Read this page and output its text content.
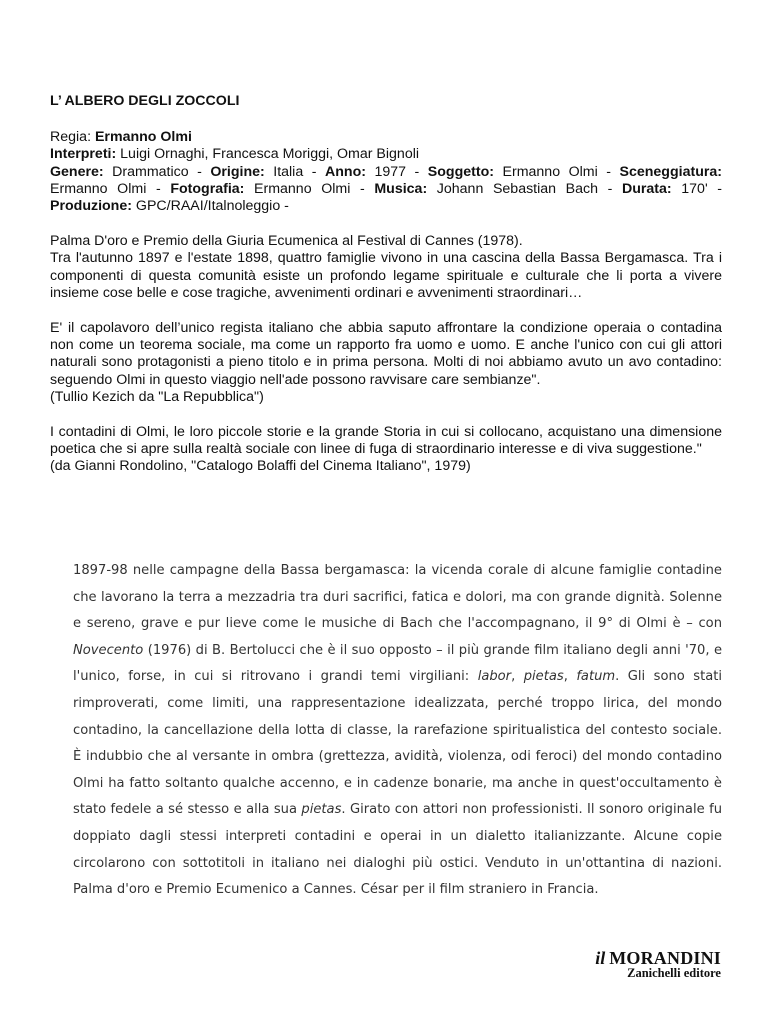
L’ ALBERO DEGLI ZOCCOLI
Regia: Ermanno Olmi
Interpreti: Luigi Ornaghi, Francesca Moriggi, Omar Bignoli
Genere: Drammatico - Origine: Italia - Anno: 1977 - Soggetto: Ermanno Olmi - Sceneggiatura: Ermanno Olmi - Fotografia: Ermanno Olmi - Musica: Johann Sebastian Bach - Durata: 170' - Produzione: GPC/RAAI/Italnoleggio -

Palma D'oro e Premio della Giuria Ecumenica al Festival di Cannes (1978).

Tra l'autunno 1897 e l'estate 1898, quattro famiglie vivono in una cascina della Bassa Bergamasca. Tra i componenti di questa comunità esiste un profondo legame spirituale e culturale che li porta a vivere insieme cose belle e cose tragiche, avvenimenti ordinari e avvenimenti straordinari…

E' il capolavoro dell’unico regista italiano che abbia saputo affrontare la condizione operaia o contadina non come un teorema sociale, ma come un rapporto fra uomo e uomo. E anche l'unico con cui gli attori naturali sono protagonisti a pieno titolo e in prima persona. Molti di noi abbiamo avuto un avo contadino: seguendo Olmi in questo viaggio nell'ade possono ravvisare care sembianze".

(Tullio Kezich da "La Repubblica")

I contadini di Olmi, le loro piccole storie e la grande Storia in cui si collocano, acquistano una dimensione poetica che si apre sulla realtà sociale con linee di fuga di straordinario interesse e di viva suggestione."

(da Gianni Rondolino, "Catalogo Bolaffi del Cinema Italiano", 1979)

1897-98 nelle campagne della Bassa bergamasca: la vicenda corale di alcune famiglie contadine che lavorano la terra a mezzadria tra duri sacrifici, fatica e dolori, ma con grande dignità. Solenne e sereno, grave e pur lieve come le musiche di Bach che l'accompagnano, il 9° di Olmi è – con Novecento (1976) di B. Bertolucci che è il suo opposto – il più grande film italiano degli anni '70, e l'unico, forse, in cui si ritrovano i grandi temi virgiliani: labor, pietas, fatum. Gli sono stati rimproverati, come limiti, una rappresentazione idealizzata, perché troppo lirica, del mondo contadino, la cancellazione della lotta di classe, la rarefazione spiritualistica del contesto sociale. È indubbio che al versante in ombra (grettezza, avidità, violenza, odi feroci) del mondo contadino Olmi ha fatto soltanto qualche accenno, e in cadenze bonarie, ma anche in quest'occultamento è stato fedele a sé stesso e alla sua pietas. Girato con attori non professionisti. Il sonoro originale fu doppiato dagli stessi interpreti contadini e operai in un dialetto italianizzante. Alcune copie circolarono con sottotitoli in italiano nei dialoghi più ostici. Venduto in un'ottantina di nazioni. Palma d'oro e Premio Ecumenico a Cannes. César per il film straniero in Francia.
il MORANDINI
Zanichelli editore
